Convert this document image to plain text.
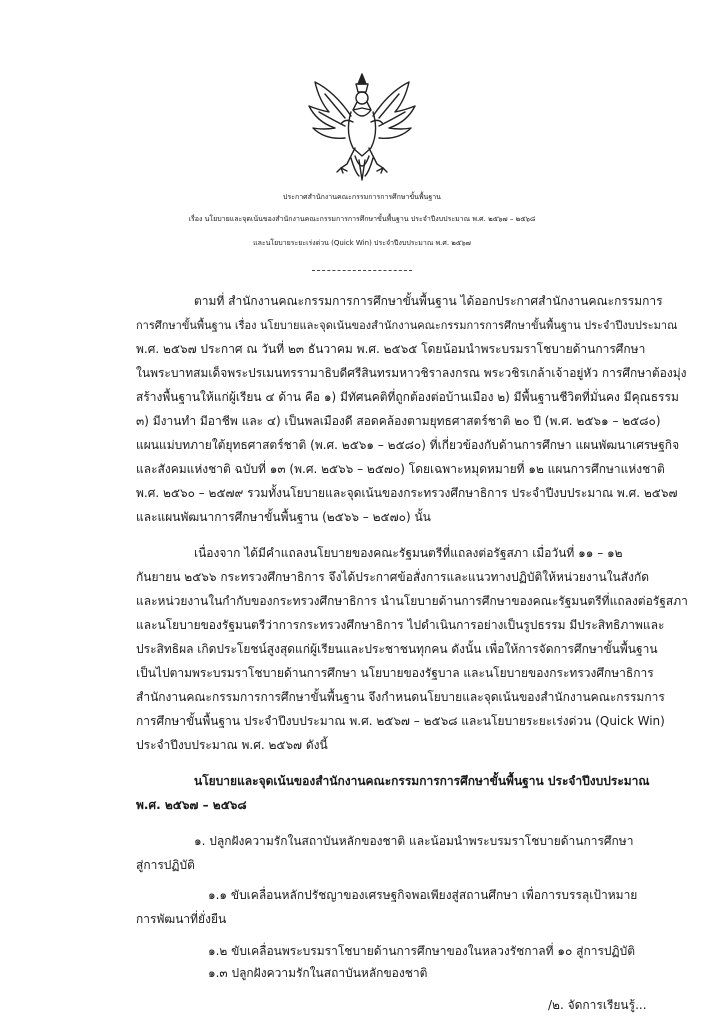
ประกาศสำนักงานคณะกรรมการการศึกษาขั้นพื้นฐาน
เรื่อง นโยบายและจุดเน้นของสำนักงานคณะกรรมการการศึกษาขั้นพื้นฐาน ประจำปีงบประมาณ พ.ศ. ๒๕๖๗ – ๒๕๖๘
และนโยบายระยะเร่งด่วน (Quick Win) ประจำปีงบประมาณ พ.ศ. ๒๕๖๗
ตามที่ สำนักงานคณะกรรมการการศึกษาขั้นพื้นฐาน ได้ออกประกาศสำนักงานคณะกรรมการ
การศึกษาขั้นพื้นฐาน เรื่อง นโยบายและจุดเน้นของสำนักงานคณะกรรมการการศึกษาขั้นพื้นฐาน ประจำปีงบประมาณ
พ.ศ. ๒๕๖๗ ประกาศ ณ วันที่ ๒๓ ธันวาคม พ.ศ. ๒๕๖๕ โดยน้อมนำพระบรมราโชบายด้านการศึกษา
ในพระบาทสมเด็จพระปรเมนทรรามาธิบดีศรีสินทรมหาวชิราลงกรณ พระวชิรเกล้าเจ้าอยู่หัว การศึกษาต้องมุ่ง
สร้างพื้นฐานให้แก่ผู้เรียน ๔ ด้าน คือ ๑) มีทัศนคติที่ถูกต้องต่อบ้านเมือง ๒) มีพื้นฐานชีวิตที่มั่นคง มีคุณธรรม
๓) มีงานทำ มีอาชีพ และ ๔) เป็นพลเมืองดี สอดคล้องตามยุทธศาสตร์ชาติ ๒๐ ปี (พ.ศ. ๒๕๖๑ – ๒๕๘๐)
แผนแม่บทภายใต้ยุทธศาสตร์ชาติ (พ.ศ. ๒๕๖๑ – ๒๕๘๐) ที่เกี่ยวข้องกับด้านการศึกษา แผนพัฒนาเศรษฐกิจ
และสังคมแห่งชาติ ฉบับที่ ๑๓ (พ.ศ. ๒๕๖๖ – ๒๕๗๐) โดยเฉพาะหมุดหมายที่ ๑๒ แผนการศึกษาแห่งชาติ
พ.ศ. ๒๕๖๐ – ๒๕๗๙ รวมทั้งนโยบายและจุดเน้นของกระทรวงศึกษาธิการ ประจำปีงบประมาณ พ.ศ. ๒๕๖๗
และแผนพัฒนาการศึกษาขั้นพื้นฐาน (๒๕๖๖ – ๒๕๗๐) นั้น
เนื่องจาก ได้มีคำแถลงนโยบายของคณะรัฐมนตรีที่แถลงต่อรัฐสภา เมื่อวันที่ ๑๑ – ๑๒
กันยายน ๒๕๖๖ กระทรวงศึกษาธิการ จึงได้ประกาศข้อสั่งการและแนวทางปฏิบัติให้หน่วยงานในสังกัด
และหน่วยงานในกำกับของกระทรวงศึกษาธิการ นำนโยบายด้านการศึกษาของคณะรัฐมนตรีที่แถลงต่อรัฐสภา
และนโยบายของรัฐมนตรีว่าการกระทรวงศึกษาธิการ ไปดำเนินการอย่างเป็นรูปธรรม มีประสิทธิภาพและ
ประสิทธิผล เกิดประโยชน์สูงสุดแก่ผู้เรียนและประชาชนทุกคน ดังนั้น เพื่อให้การจัดการศึกษาขั้นพื้นฐาน
เป็นไปตามพระบรมราโชบายด้านการศึกษา นโยบายของรัฐบาล และนโยบายของกระทรวงศึกษาธิการ
สำนักงานคณะกรรมการการศึกษาขั้นพื้นฐาน จึงกำหนดนโยบายและจุดเน้นของสำนักงานคณะกรรมการ
การศึกษาขั้นพื้นฐาน ประจำปีงบประมาณ พ.ศ. ๒๕๖๗ – ๒๕๖๘ และนโยบายระยะเร่งด่วน (Quick Win)
ประจำปีงบประมาณ พ.ศ. ๒๕๖๗ ดังนี้
นโยบายและจุดเน้นของสำนักงานคณะกรรมการการศึกษาขั้นพื้นฐาน ประจำปีงบประมาณ
พ.ศ. ๒๕๖๗ – ๒๕๖๘
๑. ปลูกฝังความรักในสถาบันหลักของชาติ และน้อมนำพระบรมราโชบายด้านการศึกษา
สู่การปฏิบัติ
๑.๑ ขับเคลื่อนหลักปรัชญาของเศรษฐกิจพอเพียงสู่สถานศึกษา เพื่อการบรรลุเป้าหมาย
การพัฒนาที่ยั่งยืน
๑.๒ ขับเคลื่อนพระบรมราโชบายด้านการศึกษาของในหลวงรัชกาลที่ ๑๐ สู่การปฏิบัติ
๑.๓ ปลูกฝังความรักในสถาบันหลักของชาติ
/๒. จัดการเรียนรู้...
